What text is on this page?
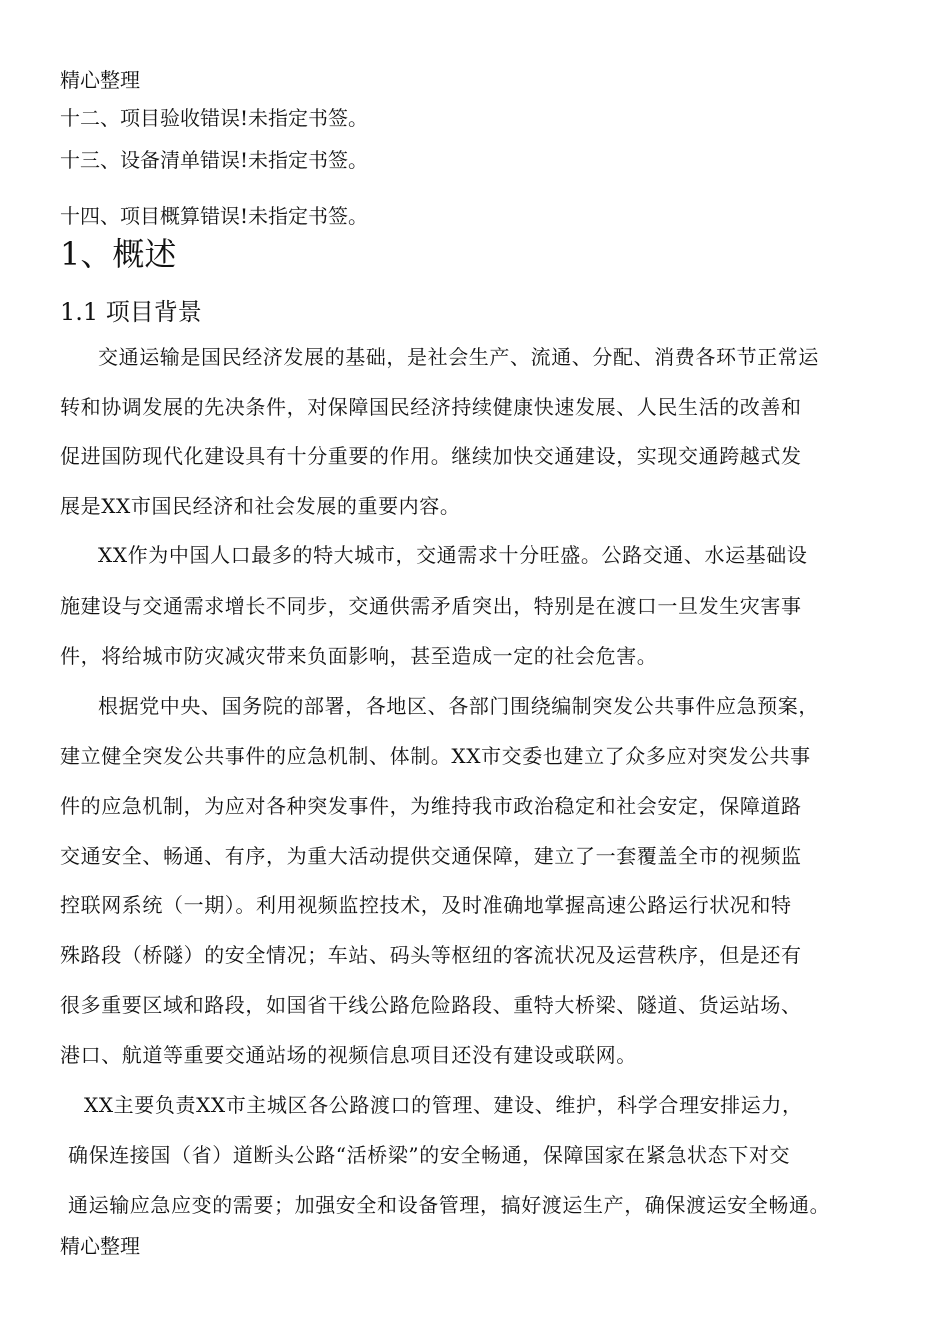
精心整理
十二、项目验收错误!未指定书签。
十三、设备清单错误!未指定书签。
十四、项目概算错误!未指定书签。
1、概述
1.1 项目背景
交通运输是国民经济发展的基础，是社会生产、流通、分配、消费各环节正常运
转和协调发展的先决条件，对保障国民经济持续健康快速发展、人民生活的改善和
促进国防现代化建设具有十分重要的作用。继续加快交通建设，实现交通跨越式发
展是XX市国民经济和社会发展的重要内容。
XX作为中国人口最多的特大城市，交通需求十分旺盛。公路交通、水运基础设
施建设与交通需求增长不同步，交通供需矛盾突出，特别是在渡口一旦发生灾害事
件，将给城市防灾减灾带来负面影响，甚至造成一定的社会危害。
根据党中央、国务院的部署，各地区、各部门围绕编制突发公共事件应急预案，
建立健全突发公共事件的应急机制、体制。XX市交委也建立了众多应对突发公共事
件的应急机制，为应对各种突发事件，为维持我市政治稳定和社会安定，保障道路
交通安全、畅通、有序，为重大活动提供交通保障，建立了一套覆盖全市的视频监
控联网系统（一期）。利用视频监控技术，及时准确地掌握高速公路运行状况和特
殊路段（桥隧）的安全情况；车站、码头等枢纽的客流状况及运营秩序，但是还有
很多重要区域和路段，如国省干线公路危险路段、重特大桥梁、隧道、货运站场、
港口、航道等重要交通站场的视频信息项目还没有建设或联网。
XX主要负责XX市主城区各公路渡口的管理、建设、维护，科学合理安排运力，
确保连接国（省）道断头公路“活桥梁”的安全畅通，保障国家在紧急状态下对交
通运输应急应变的需要；加强安全和设备管理，搞好渡运生产，确保渡运安全畅通。
精心整理
